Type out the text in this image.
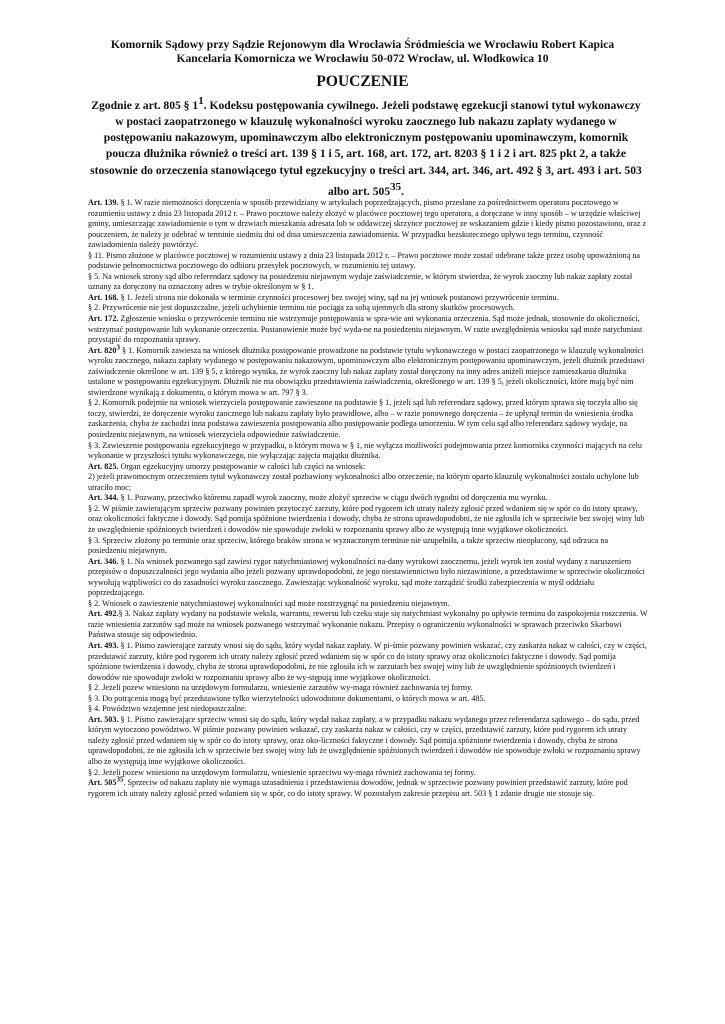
Komornik Sądowy przy Sądzie Rejonowym dla Wrocławia Śródmieścia we Wrocławiu Robert Kapica
Kancelaria Komornicza we Wrocławiu 50-072 Wrocław, ul. Włodkowica 10
POUCZENIE
Zgodnie z art. 805 § $1^1$. Kodeksu postępowania cywilnego. Jeżeli podstawę egzekucji stanowi tytuł wykonawczy w postaci zaopatrzonego w klauzulę wykonalności wyroku zaocznego lub nakazu zapłaty wydanego w postępowaniu nakazowym, upominawczym albo elektronicznym postępowaniu upominawczym, komornik poucza dłużnika również o treści art. 139 § 1 i 5, art. 168, art. 172, art. 8203 § 1 i 2 i art. 825 pkt 2, a także stosownie do orzeczenia stanowiącego tytuł egzekucyjny o treści art. 344, art. 346, art. 492 § 3, art. 493 i art. 503 albo art. $505^{35}$.

Art. 139. § 1. W razie niemożności doręczenia w sposób przewidziany w artykułach poprzedzających, pismo przesłane za pośrednictwem operatora pocztowego w rozumieniu ustawy z dnia 23 listopada 2012 r. – Prawo pocztowe należy złożyć w placówce pocztowej tego operatora, a doręczane w inny sposób – w urzędzie właściwej gminy, umieszczając zawiadomienie o tym w drzwiach mieszkania adresata lub w oddawczej skrzynce pocztowej ze wskazaniem gdzie i kiedy pismo pozostawiono, oraz z pouczeniem, że należy je odebrać w terminie siedmiu dni od dnia umieszczenia zawiadomienia. W przypadku bezskutecznego upływu tego terminu, czynność zawiadomienia należy powtórzyć.

§ 11. Pismo złożone w placówce pocztowej w rozumieniu ustawy z dnia 23 listopada 2012 r. – Prawo pocztowe może zostać odebrane także przez osobę upoważnioną na podstawie pełnomocnictwa pocztowego do odbioru przesyłek pocztowych, w rozumieniu tej ustawy.

§ 5. Na wniosek strony sąd albo referendarz sądowy na posiedzeniu niejawnym wydaje zaświadczenie, w którym stwierdza, że wyrok zaoczny lub nakaz zapłaty został uznany za doręczony na oznaczony adres w trybie określonym w § 1.

Art. 168. § 1. Jeżeli strona nie dokonała w terminie czynności procesowej bez swojej winy, sąd na jej wniosek postanowi przywrócenie terminu.

§ 2. Przywrócenie nie jest dopuszczalne, jeżeli uchybienie terminu nie pociąga za sobą ujemnych dla strony skutków procesowych.

Art. 172. Zgłoszenie wniosku o przywrócenie terminu nie wstrzymuje postępowania w spra-wie ani wykonania orzeczenia. Sąd może jednak, stosownie do okoliczności, wstrzymać postępowanie lub wykonanie orzeczenia. Postanowienie może być wyda-ne na posiedzeniu niejawnym. W razie uwzględnienia wniosku sąd może natychmiast przystąpić do rozpoznania sprawy.

Art. $820^3$ § 1. Komornik zawiesza na wniosek dłużnika postępowanie prowadzone na podstawie tytułu wykonawczego w postaci zaopatrzonego w klauzulę wykonalności wyroku zaocznego, nakazu zapłaty wydanego w postępowaniu nakazowym, upominawczym albo elektronicznym postępowaniu upominawczym, jeżeli dłużnik przedstawi zaświadczenie określone w art. 139 § 5, z którego wynika, że wyrok zaoczny lub nakaz zapłaty został doręczony na inny adres aniżeli miejsce zamieszkania dłużnika ustalone w postępowaniu egzekucyjnym. Dłużnik nie ma obowiązku przedstawienia zaświadczenia, określonego w art. 139 § 5, jeżeli okoliczności, które mają być nim stwierdzone wynikają z dokumentu, o którym mowa w art. 797 § 3.

§ 2. Komornik podejmie na wniosek wierzyciela postępowanie zawieszone na podstawie § 1, jeżeli sąd lub referendarz sądowy, przed którym sprawa się toczyła albo się toczy, stwierdzi, że doręczenie wyroku zaocznego lub nakazu zapłaty było prawidłowe, albo – w razie ponownego doręczenia – że upłynął termin do wniesienia środka zaskarżenia, chyba że zachodzi inna podstawa zawieszenia postępowania albo postępowanie podlega umorzeniu. W tym celu sąd albo referendarz sądowy wydaje, na posiedzeniu niejawnym, na wniosek wierzyciela odpowiednie zaświadczenie.

§ 3. Zawieszenie postępowania egzekucyjnego w przypadku, o którym mowa w § 1, nie wyłącza możliwości podejmowania przez komornika czynności mających na celu wykonanie w przyszłości tytułu wykonawczego, nie wyłączając zajęcia majątku dłużnika.

Art. 825. Organ egzekucyjny umorzy postępowanie w całości lub części na wniosek:

2) jeżeli prawomocnym orzeczeniem tytuł wykonawczy został pozbawiony wykonalności albo orzeczenie, na którym oparto klauzulę wykonalności zostało uchylone lub utraciło moc;

Art. 344. § 1. Pozwany, przeciwko któremu zapadł wyrok zaoczny, może złożyć sprzeciw w ciągu dwóch tygodni od doręczenia mu wyroku.

§ 2. W piśmie zawierającym sprzeciw pozwany powinien przytoczyć zarzuty, które pod rygorem ich utraty należy zgłosić przed wdaniem się w spór co do istoty sprawy, oraz okoliczności faktyczne i dowody. Sąd pomija spóźnione twierdzenia i dowody, chyba że strona uprawdopodobni, że nie zgłosiła ich w sprzeciwie bez swojej winy lub że uwzględnienie spóźnionych twierdzeń i dowodów nie spowoduje zwłoki w rozpoznaniu sprawy albo że występują inne wyjątkowe okoliczności.

§ 3. Sprzeciw złożony po terminie oraz sprzeciw, którego braków strona w wyznaczonym terminie nie uzupełniła, a także sprzeciw nieopłacony, sąd odrzuca na posiedzeniu niejawnym.

Art. 346. § 1. Na wniosek pozwanego sąd zawiesi rygor natychmiastowej wykonalności na-dany wyrokowi zaocznemu, jeżeli wyrok ten został wydany z naruszeniem przepisów o dopuszczalności jego wydania albo jeżeli pozwany uprawdopodobni, że jego niestawiennictwo było niezawinione, a przedstawione w sprzeciwie okoliczności wywołują wątpliwości co do zasadności wyroku zaocznego. Zawieszając wykonalność wyroku, sąd może zarządzić środki zabezpieczenia w myśl oddziału poprzedzającego.

§ 2. Wniosek o zawieszenie natychmiastowej wykonalności sąd może rozstrzygnąć na posiedzeniu niejawnym.

Art. 492.§ 3. Nakaz zapłaty wydany na podstawie weksla, warrantu, rewersu lub czeku staje się natychmiast wykonalny po upływie terminu do zaspokojenia roszczenia. W razie wniesienia zarzutów sąd może na wniosek pozwanego wstrzymać wykonanie nakazu. Przepisy o ograniczeniu wykonalności w sprawach przeciwko Skarbowi Państwa stosuje się odpowiednio.

Art. 493. § 1. Pismo zawierające zarzuty wnosi się do sądu, który wydał nakaz zapłaty. W pi-śmie pozwany powinien wskazać, czy zaskarża nakaz w całości, czy w części, przedstawić zarzuty, które pod rygorem ich utraty należy zgłosić przed wdaniem się w spór co do istoty sprawy oraz okoliczności faktyczne i dowody. Sąd pomija spóźnione twierdzenia i dowody, chyba że strona uprawdopodobni, że nie zgłosiła ich w zarzutach bez swojej winy lub że uwzględnienie spóźnionych twierdzeń i dowodów nie spowoduje zwłoki w rozpoznaniu sprawy albo że wy-stępują inne wyjątkowe okoliczności.

§ 2. Jeżeli pozew wniesiono na urzędowym formularzu, wniesienie zarzutów wy-maga również zachowania tej formy.

§ 3. Do potrącenia mogą być przedstawione tylko wierzytelności udowodnione dokumentami, o których mowa w art. 485.

§ 4. Powództwo wzajemne jest niedopuszczalne.

Art. 503. § 1. Pismo zawierające sprzeciw wnosi się do sądu, który wydał nakaz zapłaty, a w przypadku nakazu wydanego przez referendarza sądowego – do sądu, przed którym wytoczono powództwo. W piśmie pozwany powinien wskazać, czy zaskarża nakaz w całości, czy w części, przedstawić zarzuty, które pod rygorem ich utraty należy zgłosić przed wdaniem się w spór co do istoty sprawy, oraz oko-liczności faktyczne i dowody. Sąd pomija spóźnione twierdzenia i dowody, chyba że strona uprawdopodobni, że nie zgłosiła ich w sprzeciwie bez swojej winy lub że uwzględnienie spóźnionych twierdzeń i dowodów nie spowoduje zwłoki w rozpoznaniu sprawy albo że występują inne wyjątkowe okoliczności.

§ 2. Jeżeli pozew wniesiono na urzędowym formularzu, wniesienie sprzeciwu wy-maga również zachowania tej formy.

Art. $505^{35}$. Sprzeciw od nakazu zapłaty nie wymaga uzasadnienia i przedstawienia dowodów, jednak w sprzeciwie pozwany powinien przedstawić zarzuty, które pod rygorem ich utraty należy zgłosić przed wdaniem się w spór, co do istoty sprawy. W pozostałym zakresie przepisu art. 503 § 1 zdanie drugie nie stosuje się.
